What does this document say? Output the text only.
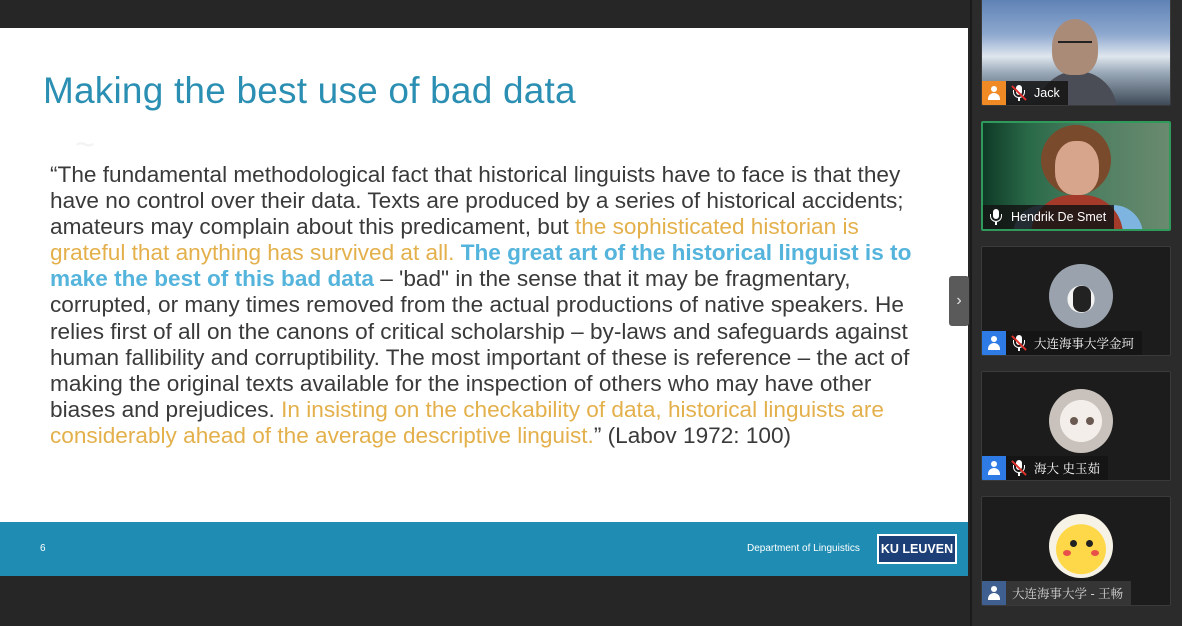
~
Making the best use of bad data

“The fundamental methodological fact that historical linguists have to face is that they have no control over their data. Texts are produced by a series of historical accidents; amateurs may complain about this predicament, but the sophisticated historian is grateful that anything has survived at all. The great art of the historical linguist is to make the best of this bad data – 'bad" in the sense that it may be fragmentary, corrupted, or many times removed from the actual productions of native speakers. He relies first of all on the canons of critical scholarship – by-laws and safeguards against human fallibility and corruptibility. The most important of these is reference – the act of making the original texts available for the inspection of others who may have other biases and prejudices. In insisting on the checkability of data, historical linguists are considerably ahead of the average descriptive linguist.” (Labov 1972: 100)

6	Department of Linguistics	KU LEUVEN
›
Jack
Hendrik De Smet
大连海事大学金珂
海大 史玉茹
大连海事大学 - 王畅
